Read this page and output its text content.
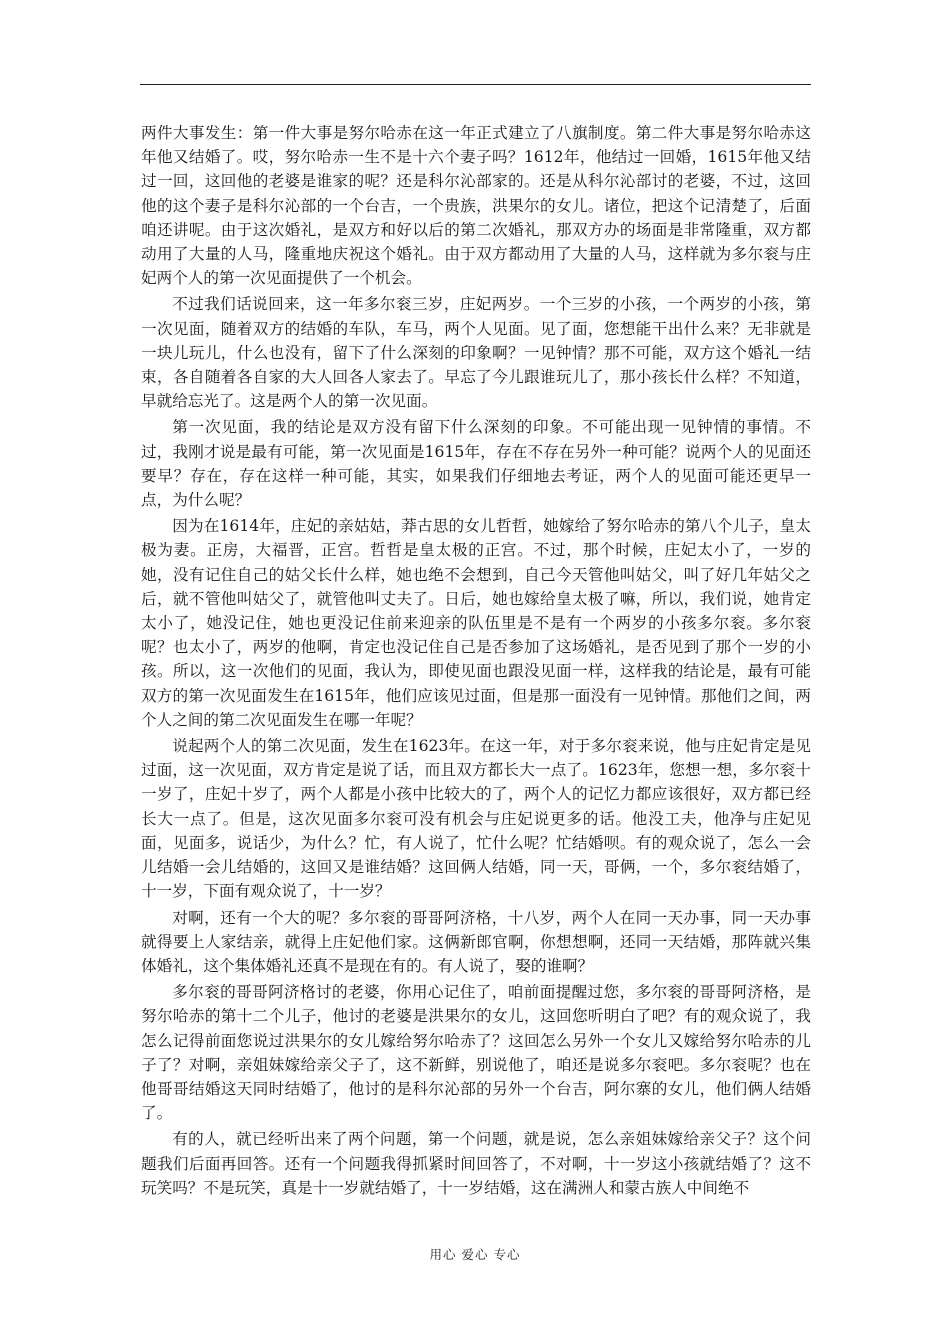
两件大事发生：第一件大事是努尔哈赤在这一年正式建立了八旗制度。第二件大事是努尔哈赤这年他又结婚了。哎，努尔哈赤一生不是十六个妻子吗？1612年，他结过一回婚，1615年他又结过一回，这回他的老婆是谁家的呢？还是科尔沁部家的。还是从科尔沁部讨的老婆，不过，这回他的这个妻子是科尔沁部的一个台吉，一个贵族，洪果尔的女儿。诸位，把这个记清楚了，后面咱还讲呢。由于这次婚礼，是双方和好以后的第二次婚礼，那双方办的场面是非常隆重，双方都动用了大量的人马，隆重地庆祝这个婚礼。由于双方都动用了大量的人马，这样就为多尔衮与庄妃两个人的第一次见面提供了一个机会。

不过我们话说回来，这一年多尔衮三岁，庄妃两岁。一个三岁的小孩，一个两岁的小孩，第一次见面，随着双方的结婚的车队，车马，两个人见面。见了面，您想能干出什么来？无非就是一块儿玩儿，什么也没有，留下了什么深刻的印象啊？一见钟情？那不可能，双方这个婚礼一结束，各自随着各自家的大人回各人家去了。早忘了今儿跟谁玩儿了，那小孩长什么样？不知道，早就给忘光了。这是两个人的第一次见面。

第一次见面，我的结论是双方没有留下什么深刻的印象。不可能出现一见钟情的事情。不过，我刚才说是最有可能，第一次见面是1615年，存在不存在另外一种可能？说两个人的见面还要早？存在，存在这样一种可能，其实，如果我们仔细地去考证，两个人的见面可能还更早一点，为什么呢？

因为在1614年，庄妃的亲姑姑，莽古思的女儿哲哲，她嫁给了努尔哈赤的第八个儿子，皇太极为妻。正房，大福晋，正宫。哲哲是皇太极的正宫。不过，那个时候，庄妃太小了，一岁的她，没有记住自己的姑父长什么样，她也绝不会想到，自己今天管他叫姑父，叫了好几年姑父之后，就不管他叫姑父了，就管他叫丈夫了。日后，她也嫁给皇太极了嘛，所以，我们说，她肯定太小了，她没记住，她也更没记住前来迎亲的队伍里是不是有一个两岁的小孩多尔衮。多尔衮呢？也太小了，两岁的他啊，肯定也没记住自己是否参加了这场婚礼，是否见到了那个一岁的小孩。所以，这一次他们的见面，我认为，即使见面也跟没见面一样，这样我的结论是，最有可能双方的第一次见面发生在1615年，他们应该见过面，但是那一面没有一见钟情。那他们之间，两个人之间的第二次见面发生在哪一年呢？

说起两个人的第二次见面，发生在1623年。在这一年，对于多尔衮来说，他与庄妃肯定是见过面，这一次见面，双方肯定是说了话，而且双方都长大一点了。1623年，您想一想，多尔衮十一岁了，庄妃十岁了，两个人都是小孩中比较大的了，两个人的记忆力都应该很好，双方都已经长大一点了。但是，这次见面多尔衮可没有机会与庄妃说更多的话。他没工夫，他净与庄妃见面，见面多，说话少，为什么？忙，有人说了，忙什么呢？忙结婚呗。有的观众说了，怎么一会儿结婚一会儿结婚的，这回又是谁结婚？这回俩人结婚，同一天，哥俩，一个，多尔衮结婚了，十一岁，下面有观众说了，十一岁？

对啊，还有一个大的呢？多尔衮的哥哥阿济格，十八岁，两个人在同一天办事，同一天办事就得要上人家结亲，就得上庄妃他们家。这俩新郎官啊，你想想啊，还同一天结婚，那阵就兴集体婚礼，这个集体婚礼还真不是现在有的。有人说了，娶的谁啊？

多尔衮的哥哥阿济格讨的老婆，你用心记住了，咱前面提醒过您，多尔衮的哥哥阿济格，是努尔哈赤的第十二个儿子，他讨的老婆是洪果尔的女儿，这回您听明白了吧？有的观众说了，我怎么记得前面您说过洪果尔的女儿嫁给努尔哈赤了？这回怎么另外一个女儿又嫁给努尔哈赤的儿子了？对啊，亲姐妹嫁给亲父子了，这不新鲜，别说他了，咱还是说多尔衮吧。多尔衮呢？也在他哥哥结婚这天同时结婚了，他讨的是科尔沁部的另外一个台吉，阿尔寨的女儿，他们俩人结婚了。

有的人，就已经听出来了两个问题，第一个问题，就是说，怎么亲姐妹嫁给亲父子？这个问题我们后面再回答。还有一个问题我得抓紧时间回答了，不对啊，十一岁这小孩就结婚了？这不玩笑吗？不是玩笑，真是十一岁就结婚了，十一岁结婚，这在满洲人和蒙古族人中间绝不

用心 爱心 专心
